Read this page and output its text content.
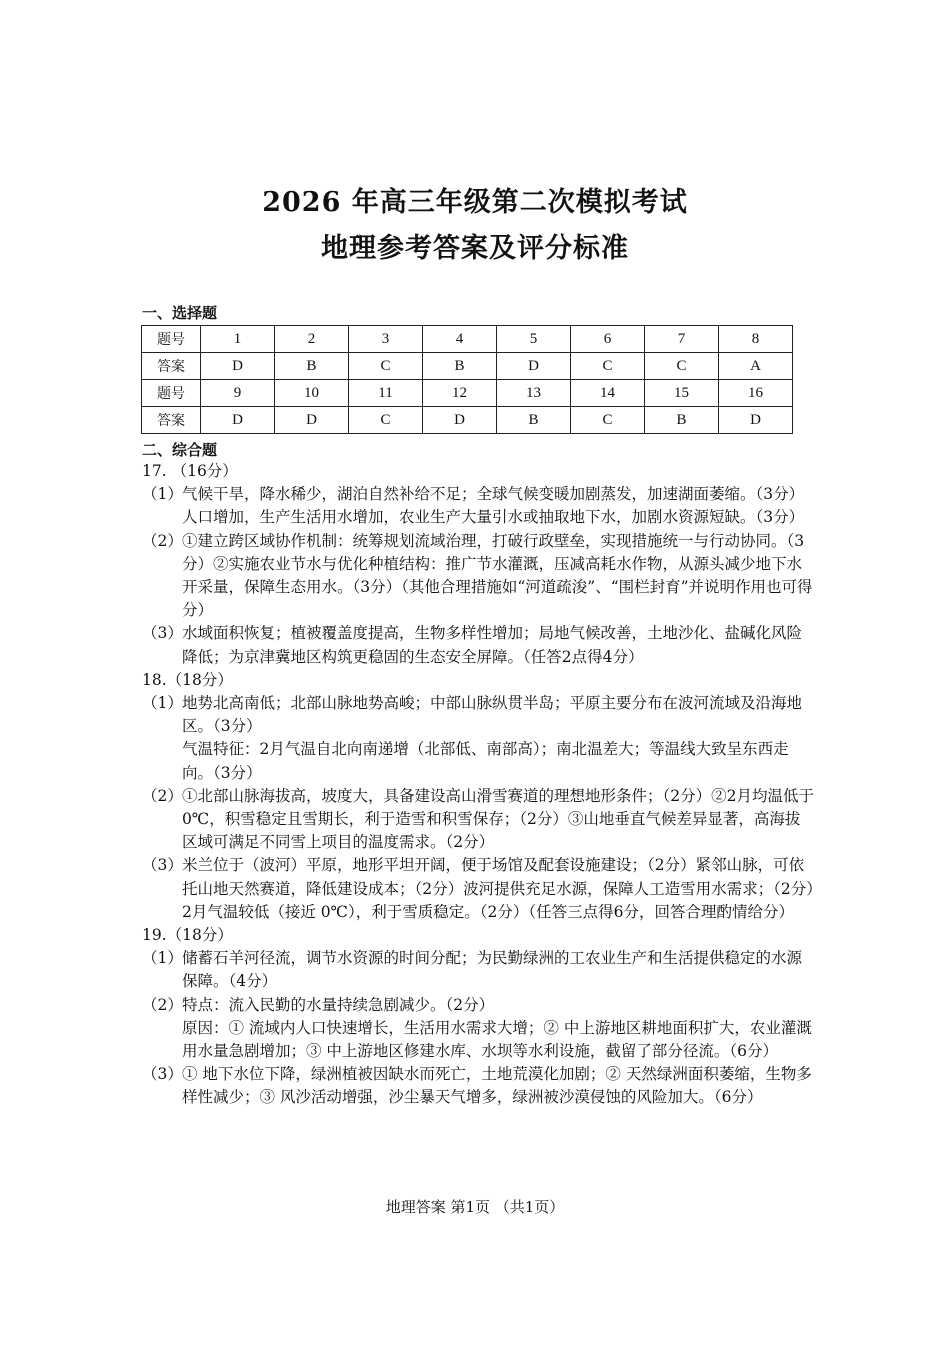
2026 年高三年级第二次模拟考试
地理参考答案及评分标准
一、选择题
题号	1	2	3	4	5	6	7	8
答案	D	B	C	B	D	C	C	A
题号	9	10	11	12	13	14	15	16
答案	D	D	C	D	B	C	B	D
二、综合题

17. （16分）

（1）气候干旱，降水稀少，湖泊自然补给不足；全球气候变暖加剧蒸发，加速湖面萎缩。（3分）人口增加，生产生活用水增加，农业生产大量引水或抽取地下水，加剧水资源短缺。（3分）

（2）①建立跨区域协作机制：统筹规划流域治理，打破行政壁垒，实现措施统一与行动协同。（3分）②实施农业节水与优化种植结构：推广节水灌溉，压减高耗水作物，从源头减少地下水开采量，保障生态用水。（3分）（其他合理措施如“河道疏浚”、“围栏封育”并说明作用也可得分）

（3）水域面积恢复；植被覆盖度提高，生物多样性增加；局地气候改善，土地沙化、盐碱化风险降低；为京津冀地区构筑更稳固的生态安全屏障。（任答2点得4分）

18.（18分）

（1）地势北高南低；北部山脉地势高峻；中部山脉纵贯半岛；平原主要分布在波河流域及沿海地区。（3分）

气温特征：2月气温自北向南递增（北部低、南部高）；南北温差大；等温线大致呈东西走向。（3分）

（2）①北部山脉海拔高，坡度大，具备建设高山滑雪赛道的理想地形条件；（2分）②2月均温低于 0℃，积雪稳定且雪期长，利于造雪和积雪保存；（2分）③山地垂直气候差异显著，高海拔区域可满足不同雪上项目的温度需求。（2分）

（3）米兰位于（波河）平原，地形平坦开阔，便于场馆及配套设施建设；（2分）紧邻山脉，可依托山地天然赛道，降低建设成本；（2分）波河提供充足水源，保障人工造雪用水需求；（2分）2月气温较低（接近 0℃），利于雪质稳定。（2分）（任答三点得6分，回答合理酌情给分）

19.（18分）

（1）储蓄石羊河径流，调节水资源的时间分配；为民勤绿洲的工农业生产和生活提供稳定的水源保障。（4分）

（2）特点：流入民勤的水量持续急剧减少。（2分）

原因：① 流域内人口快速增长，生活用水需求大增；② 中上游地区耕地面积扩大，农业灌溉用水量急剧增加；③ 中上游地区修建水库、水坝等水利设施，截留了部分径流。（6分）

（3）① 地下水位下降，绿洲植被因缺水而死亡，土地荒漠化加剧；② 天然绿洲面积萎缩，生物多样性减少；③ 风沙活动增强，沙尘暴天气增多，绿洲被沙漠侵蚀的风险加大。（6分）

地理答案 第1页 （共1页）
